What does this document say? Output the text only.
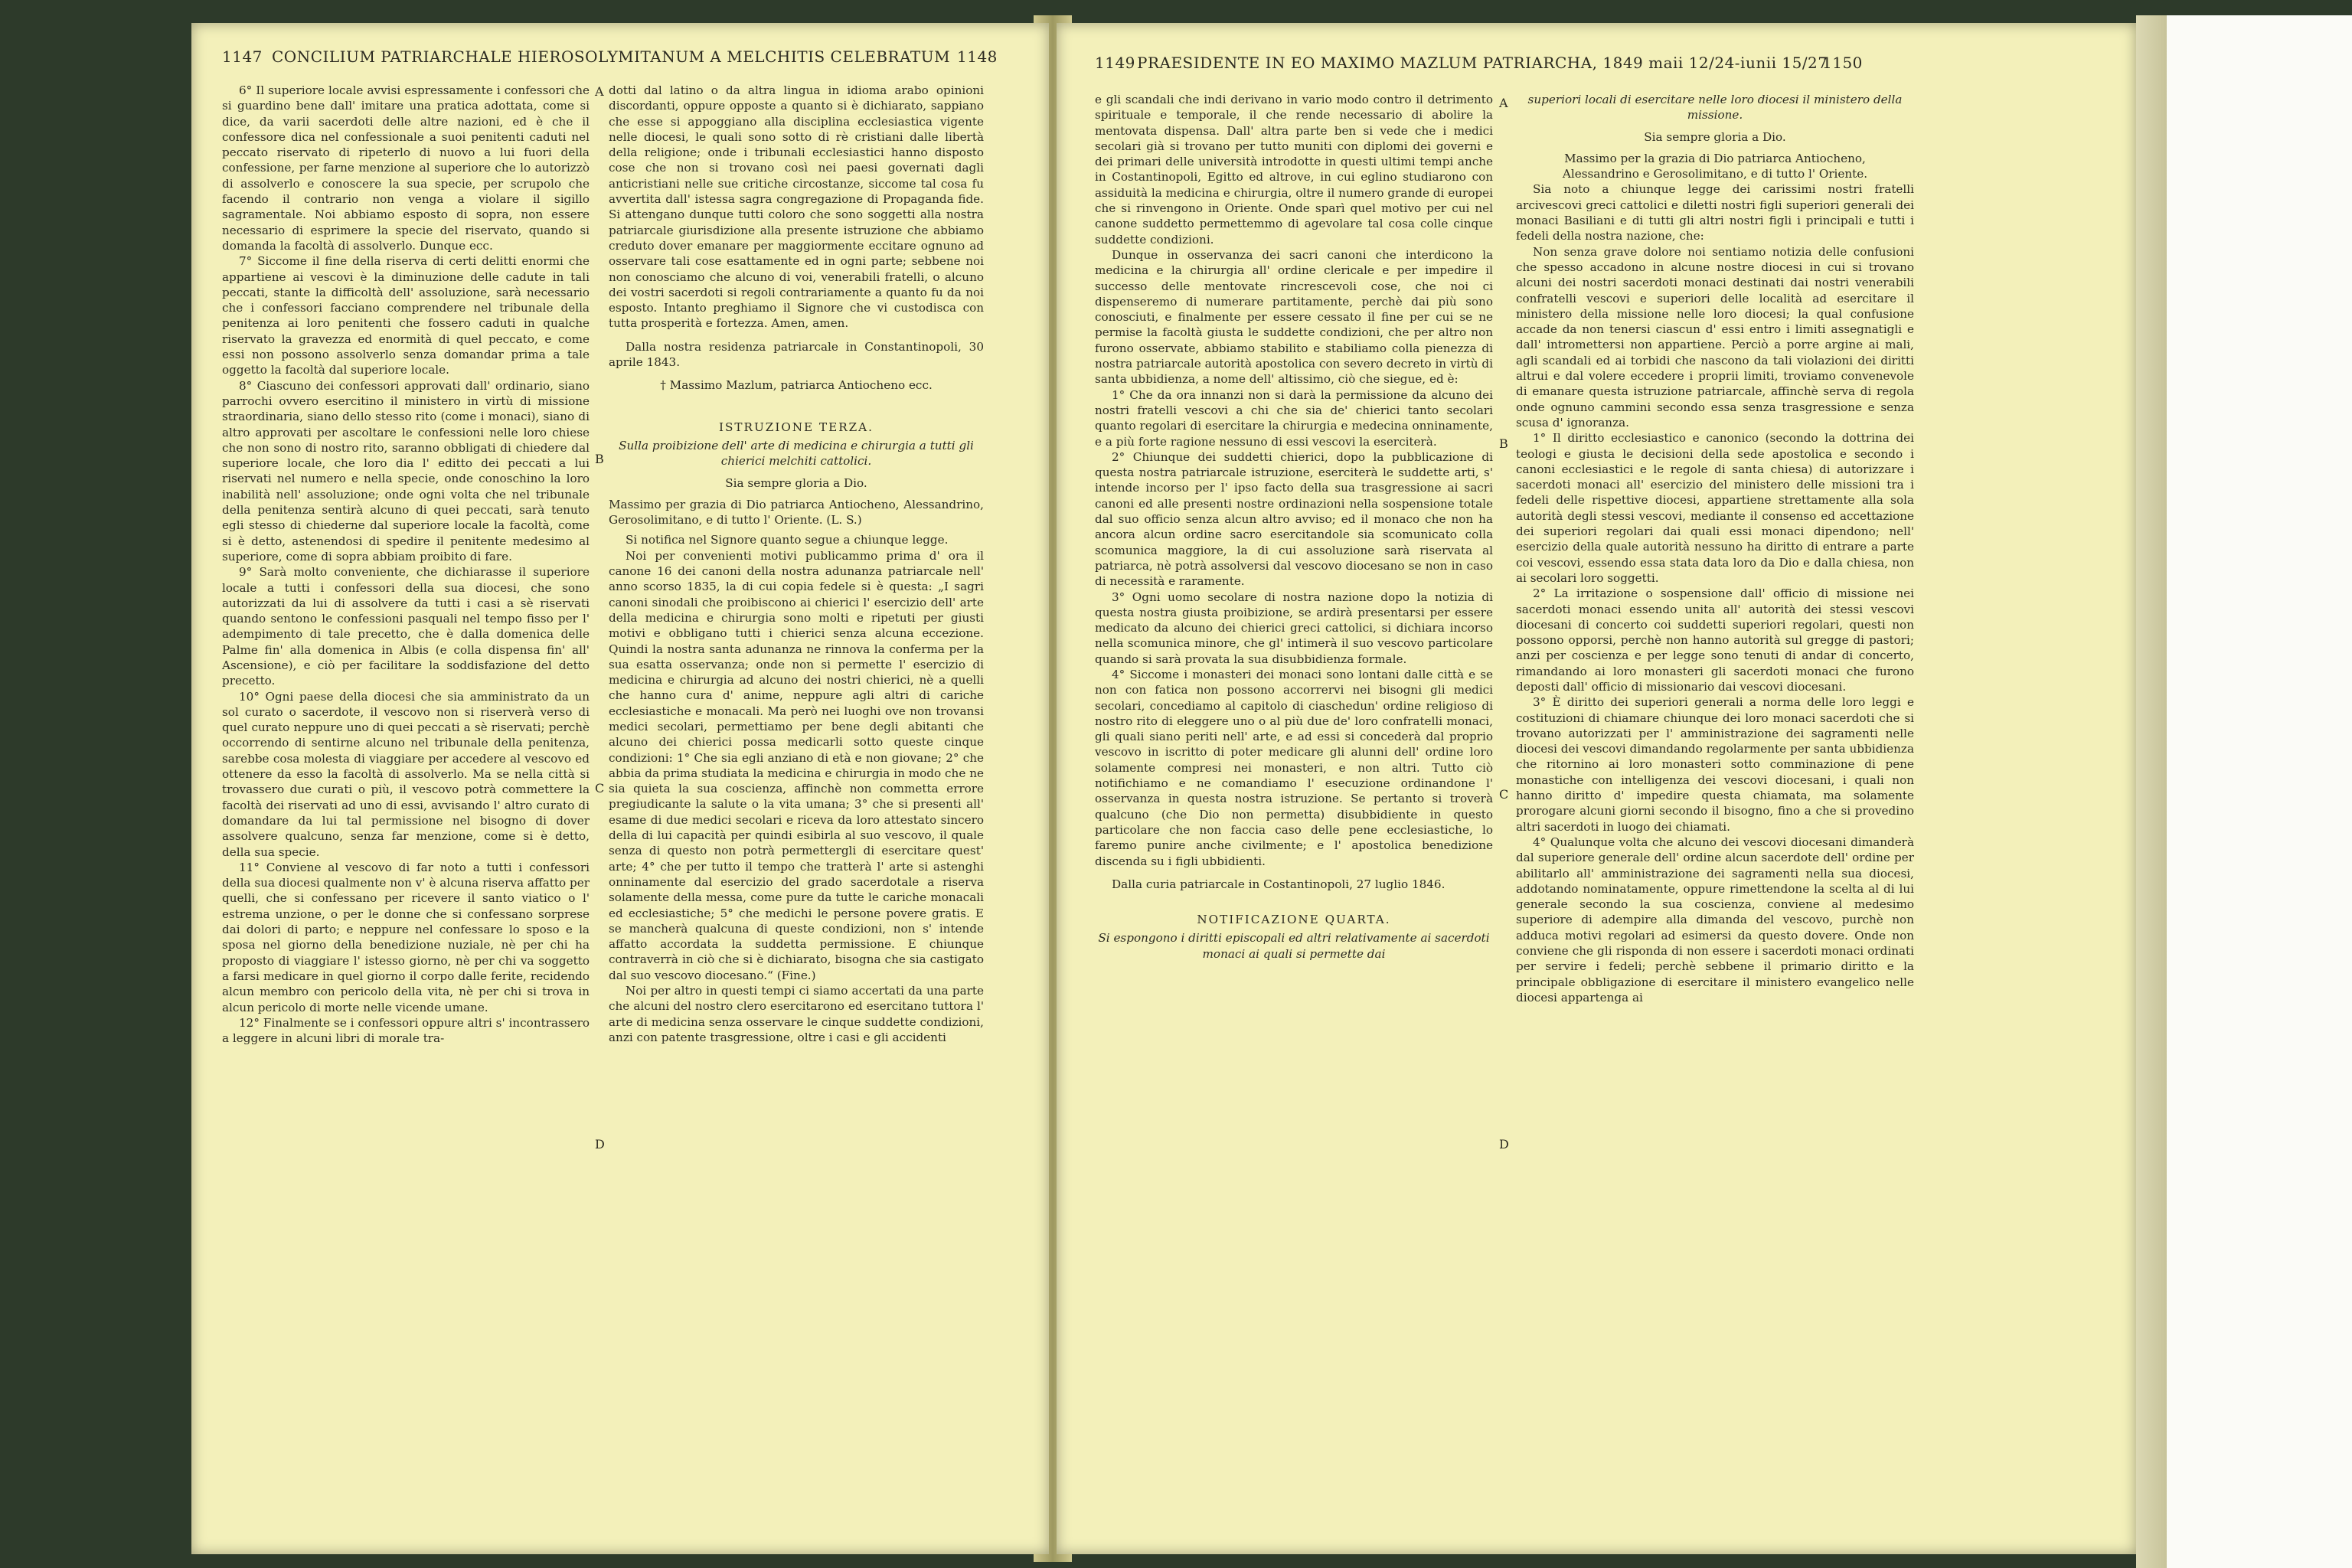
1147 CONCILIUM PATRIARCHALE HIEROSOLYMITANUM A MELCHITIS CELEBRATUM 1148

6° Il superiore locale avvisi espressamente i confessori che si guardino bene dall' imitare una pratica adottata, come si dice, da varii sacerdoti delle altre nazioni, ed è che il confessore dica nel confessionale a suoi penitenti caduti nel peccato riservato di ripeterlo di nuovo a lui fuori della confessione, per farne menzione al superiore che lo autorizzò di assolverlo e conoscere la sua specie, per scrupolo che facendo il contrario non venga a violare il sigillo sagramentale. Noi abbiamo esposto di sopra, non essere necessario di esprimere la specie del riservato, quando si domanda la facoltà di assolverlo. Dunque ecc.

7° Siccome il fine della riserva di certi delitti enormi che appartiene ai vescovi è la diminuzione delle cadute in tali peccati, stante la difficoltà dell' assoluzione, sarà necessario che i confessori facciano comprendere nel tribunale della penitenza ai loro penitenti che fossero caduti in qualche riservato la gravezza ed enormità di quel peccato, e come essi non possono assolverlo senza domandar prima a tale oggetto la facoltà dal superiore locale.

8° Ciascuno dei confessori approvati dall' ordinario, siano parrochi ovvero esercitino il ministero in virtù di missione straordinaria, siano dello stesso rito (come i monaci), siano di altro approvati per ascoltare le confessioni nelle loro chiese che non sono di nostro rito, saranno obbligati di chiedere dal superiore locale, che loro dia l' editto dei peccati a lui riservati nel numero e nella specie, onde conoschino la loro inabilità nell' assoluzione; onde ogni volta che nel tribunale della penitenza sentirà alcuno di quei peccati, sarà tenuto egli stesso di chiederne dal superiore locale la facoltà, come si è detto, astenendosi di spedire il penitente medesimo al superiore, come di sopra abbiam proibito di fare.

9° Sarà molto conveniente, che dichiarasse il superiore locale a tutti i confessori della sua diocesi, che sono autorizzati da lui di assolvere da tutti i casi a sè riservati quando sentono le confessioni pasquali nel tempo fisso per l' adempimento di tale precetto, che è dalla domenica delle Palme fin' alla domenica in Albis (e colla dispensa fin' all' Ascensione), e ciò per facilitare la soddisfazione del detto precetto.

10° Ogni paese della diocesi che sia amministrato da un sol curato o sacerdote, il vescovo non si riserverà verso di quel curato neppure uno di quei peccati a sè riservati; perchè occorrendo di sentirne alcuno nel tribunale della penitenza, sarebbe cosa molesta di viaggiare per accedere al vescovo ed ottenere da esso la facoltà di assolverlo. Ma se nella città si trovassero due curati o più, il vescovo potrà commettere la facoltà dei riservati ad uno di essi, avvisando l' altro curato di domandare da lui tal permissione nel bisogno di dover assolvere qualcuno, senza far menzione, come si è detto, della sua specie.

11° Conviene al vescovo di far noto a tutti i confessori della sua diocesi qualmente non v' è alcuna riserva affatto per quelli, che si confessano per ricevere il santo viatico o l' estrema unzione, o per le donne che si confessano sorprese dai dolori di parto; e neppure nel confessare lo sposo e la sposa nel giorno della benedizione nuziale, nè per chi ha proposto di viaggiare l' istesso giorno, nè per chi va soggetto a farsi medicare in quel giorno il corpo dalle ferite, recidendo alcun membro con pericolo della vita, nè per chi si trova in alcun pericolo di morte nelle vicende umane.

12° Finalmente se i confessori oppure altri s' incontrassero a leggere in alcuni libri di morale tra-

A
B
C
D

dotti dal latino o da altra lingua in idioma arabo opinioni discordanti, oppure opposte a quanto si è dichiarato, sappiano che esse si appoggiano alla disciplina ecclesiastica vigente nelle diocesi, le quali sono sotto di rè cristiani dalle libertà della religione; onde i tribunali ecclesiastici hanno disposto cose che non si trovano così nei paesi governati dagli anticristiani nelle sue critiche circostanze, siccome tal cosa fu avvertita dall' istessa sagra congregazione di Propaganda fide. Si attengano dunque tutti coloro che sono soggetti alla nostra patriarcale giurisdizione alla presente istruzione che abbiamo creduto dover emanare per maggiormente eccitare ognuno ad osservare tali cose esattamente ed in ogni parte; sebbene noi non conosciamo che alcuno di voi, venerabili fratelli, o alcuno dei vostri sacerdoti si regoli contrariamente a quanto fu da noi esposto. Intanto preghiamo il Signore che vi custodisca con tutta prosperità e fortezza. Amen, amen.

Dalla nostra residenza patriarcale in Constantinopoli, 30 aprile 1843.

† Massimo Mazlum, patriarca Antiocheno ecc.

ISTRUZIONE TERZA.

Sulla proibizione dell' arte di medicina e chirurgia a tutti gli chierici melchiti cattolici.

Sia sempre gloria a Dio.

Massimo per grazia di Dio patriarca Antiocheno, Alessandrino, Gerosolimitano, e di tutto l' Oriente. (L. S.)

Si notifica nel Signore quanto segue a chiunque legge.

Noi per convenienti motivi publicammo prima d' ora il canone 16 dei canoni della nostra adunanza patriarcale nell' anno scorso 1835, la di cui copia fedele si è questa: „I sagri canoni sinodali che proibiscono ai chierici l' esercizio dell' arte della medicina e chirurgia sono molti e ripetuti per giusti motivi e obbligano tutti i chierici senza alcuna eccezione. Quindi la nostra santa adunanza ne rinnova la conferma per la sua esatta osservanza; onde non si permette l' esercizio di medicina e chirurgia ad alcuno dei nostri chierici, nè a quelli che hanno cura d' anime, neppure agli altri di cariche ecclesiastiche e monacali. Ma però nei luoghi ove non trovansi medici secolari, permettiamo per bene degli abitanti che alcuno dei chierici possa medicarli sotto queste cinque condizioni: 1° Che sia egli anziano di età e non giovane; 2° che abbia da prima studiata la medicina e chirurgia in modo che ne sia quieta la sua coscienza, affinchè non commetta errore pregiudicante la salute o la vita umana; 3° che si presenti all' esame di due medici secolari e riceva da loro attestato sincero della di lui capacità per quindi esibirla al suo vescovo, il quale senza di questo non potrà permettergli di esercitare quest' arte; 4° che per tutto il tempo che tratterà l' arte si astenghi onninamente dal esercizio del grado sacerdotale a riserva solamente della messa, come pure da tutte le cariche monacali ed ecclesiastiche; 5° che medichi le persone povere gratis. E se mancherà qualcuna di queste condizioni, non s' intende affatto accordata la suddetta permissione. E chiunque contraverrà in ciò che si è dichiarato, bisogna che sia castigato dal suo vescovo diocesano.“ (Fine.)

Noi per altro in questi tempi ci siamo accertati da una parte che alcuni del nostro clero esercitarono ed esercitano tuttora l' arte di medicina senza osservare le cinque suddette condizioni, anzi con patente trasgressione, oltre i casi e gli accidenti

1149 PRAESIDENTE IN EO MAXIMO MAZLUM PATRIARCHA, 1849 maii 12/24-iunii 15/27
1150

e gli scandali che indi derivano in vario modo contro il detrimento spirituale e temporale, il che rende necessario di abolire la mentovata dispensa. Dall' altra parte ben si vede che i medici secolari già si trovano per tutto muniti con diplomi dei governi e dei primari delle università introdotte in questi ultimi tempi anche in Costantinopoli, Egitto ed altrove, in cui eglino studiarono con assiduità la medicina e chirurgia, oltre il numero grande di europei che si rinvengono in Oriente. Onde sparì quel motivo per cui nel canone suddetto permettemmo di agevolare tal cosa colle cinque suddette condizioni.

Dunque in osservanza dei sacri canoni che interdicono la medicina e la chirurgia all' ordine clericale e per impedire il successo delle mentovate rincrescevoli cose, che noi ci dispenseremo di numerare partitamente, perchè dai più sono conosciuti, e finalmente per essere cessato il fine per cui se ne permise la facoltà giusta le suddette condizioni, che per altro non furono osservate, abbiamo stabilito e stabiliamo colla pienezza di nostra patriarcale autorità apostolica con severo decreto in virtù di santa ubbidienza, a nome dell' altissimo, ciò che siegue, ed è:

1° Che da ora innanzi non si darà la permissione da alcuno dei nostri fratelli vescovi a chi che sia de' chierici tanto secolari quanto regolari di esercitare la chirurgia e medecina onninamente, e a più forte ragione nessuno di essi vescovi la eserciterà.

2° Chiunque dei suddetti chierici, dopo la pubblicazione di questa nostra patriarcale istruzione, eserciterà le suddette arti, s' intende incorso per l' ipso facto della sua trasgressione ai sacri canoni ed alle presenti nostre ordinazioni nella sospensione totale dal suo officio senza alcun altro avviso; ed il monaco che non ha ancora alcun ordine sacro esercitandole sia scomunicato colla scomunica maggiore, la di cui assoluzione sarà riservata al patriarca, nè potrà assolversi dal vescovo diocesano se non in caso di necessità e raramente.

3° Ogni uomo secolare di nostra nazione dopo la notizia di questa nostra giusta proibizione, se ardirà presentarsi per essere medicato da alcuno dei chierici greci cattolici, si dichiara incorso nella scomunica minore, che gl' intimerà il suo vescovo particolare quando si sarà provata la sua disubbidienza formale.

4° Siccome i monasteri dei monaci sono lontani dalle città e se non con fatica non possono accorrervi nei bisogni gli medici secolari, concediamo al capitolo di ciaschedun' ordine religioso di nostro rito di eleggere uno o al più due de' loro confratelli monaci, gli quali siano periti nell' arte, e ad essi si concederà dal proprio vescovo in iscritto di poter medicare gli alunni dell' ordine loro solamente compresi nei monasteri, e non altri. Tutto ciò notifichiamo e ne comandiamo l' esecuzione ordinandone l' osservanza in questa nostra istruzione. Se pertanto si troverà qualcuno (che Dio non permetta) disubbidiente in questo particolare che non faccia caso delle pene ecclesiastiche, lo faremo punire anche civilmente; e l' apostolica benedizione discenda su i figli ubbidienti.

Dalla curia patriarcale in Costantinopoli, 27 luglio 1846.

NOTIFICAZIONE QUARTA.

Si espongono i diritti episcopali ed altri relativamente ai sacerdoti monaci ai quali si permette dai

A
B
C
D

superiori locali di esercitare nelle loro diocesi il ministero della missione.

Sia sempre gloria a Dio.

Massimo per la grazia di Dio patriarca Antiocheno, Alessandrino e Gerosolimitano, e di tutto l' Oriente.

Sia noto a chiunque legge dei carissimi nostri fratelli arcivescovi greci cattolici e diletti nostri figli superiori generali dei monaci Basiliani e di tutti gli altri nostri figli i principali e tutti i fedeli della nostra nazione, che:

Non senza grave dolore noi sentiamo notizia delle confusioni che spesso accadono in alcune nostre diocesi in cui si trovano alcuni dei nostri sacerdoti monaci destinati dai nostri venerabili confratelli vescovi e superiori delle località ad esercitare il ministero della missione nelle loro diocesi; la qual confusione accade da non tenersi ciascun d' essi entro i limiti assegnatigli e dall' intromettersi non appartiene. Perciò a porre argine ai mali, agli scandali ed ai torbidi che nascono da tali violazioni dei diritti altrui e dal volere eccedere i proprii limiti, troviamo convenevole di emanare questa istruzione patriarcale, affinchè serva di regola onde ognuno cammini secondo essa senza trasgressione e senza scusa d' ignoranza.

1° Il diritto ecclesiastico e canonico (secondo la dottrina dei teologi e giusta le decisioni della sede apostolica e secondo i canoni ecclesiastici e le regole di santa chiesa) di autorizzare i sacerdoti monaci all' esercizio del ministero delle missioni tra i fedeli delle rispettive diocesi, appartiene strettamente alla sola autorità degli stessi vescovi, mediante il consenso ed accettazione dei superiori regolari dai quali essi monaci dipendono; nell' esercizio della quale autorità nessuno ha diritto di entrare a parte coi vescovi, essendo essa stata data loro da Dio e dalla chiesa, non ai secolari loro soggetti.

2° La irritazione o sospensione dall' officio di missione nei sacerdoti monaci essendo unita all' autorità dei stessi vescovi diocesani di concerto coi suddetti superiori regolari, questi non possono opporsi, perchè non hanno autorità sul gregge di pastori; anzi per coscienza e per legge sono tenuti di andar di concerto, rimandando ai loro monasteri gli sacerdoti monaci che furono deposti dall' officio di missionario dai vescovi diocesani.

3° È diritto dei superiori generali a norma delle loro leggi e costituzioni di chiamare chiunque dei loro monaci sacerdoti che si trovano autorizzati per l' amministrazione dei sagramenti nelle diocesi dei vescovi dimandando regolarmente per santa ubbidienza che ritornino ai loro monasteri sotto comminazione di pene monastiche con intelligenza dei vescovi diocesani, i quali non hanno diritto d' impedire questa chiamata, ma solamente prorogare alcuni giorni secondo il bisogno, fino a che si provedino altri sacerdoti in luogo dei chiamati.

4° Qualunque volta che alcuno dei vescovi diocesani dimanderà dal superiore generale dell' ordine alcun sacerdote dell' ordine per abilitarlo all' amministrazione dei sagramenti nella sua diocesi, addotando nominatamente, oppure rimettendone la scelta al di lui generale secondo la sua coscienza, conviene al medesimo superiore di adempire alla dimanda del vescovo, purchè non adduca motivi regolari ad esimersi da questo dovere. Onde non conviene che gli risponda di non essere i sacerdoti monaci ordinati per servire i fedeli; perchè sebbene il primario diritto e la principale obbligazione di esercitare il ministero evangelico nelle diocesi appartenga ai
